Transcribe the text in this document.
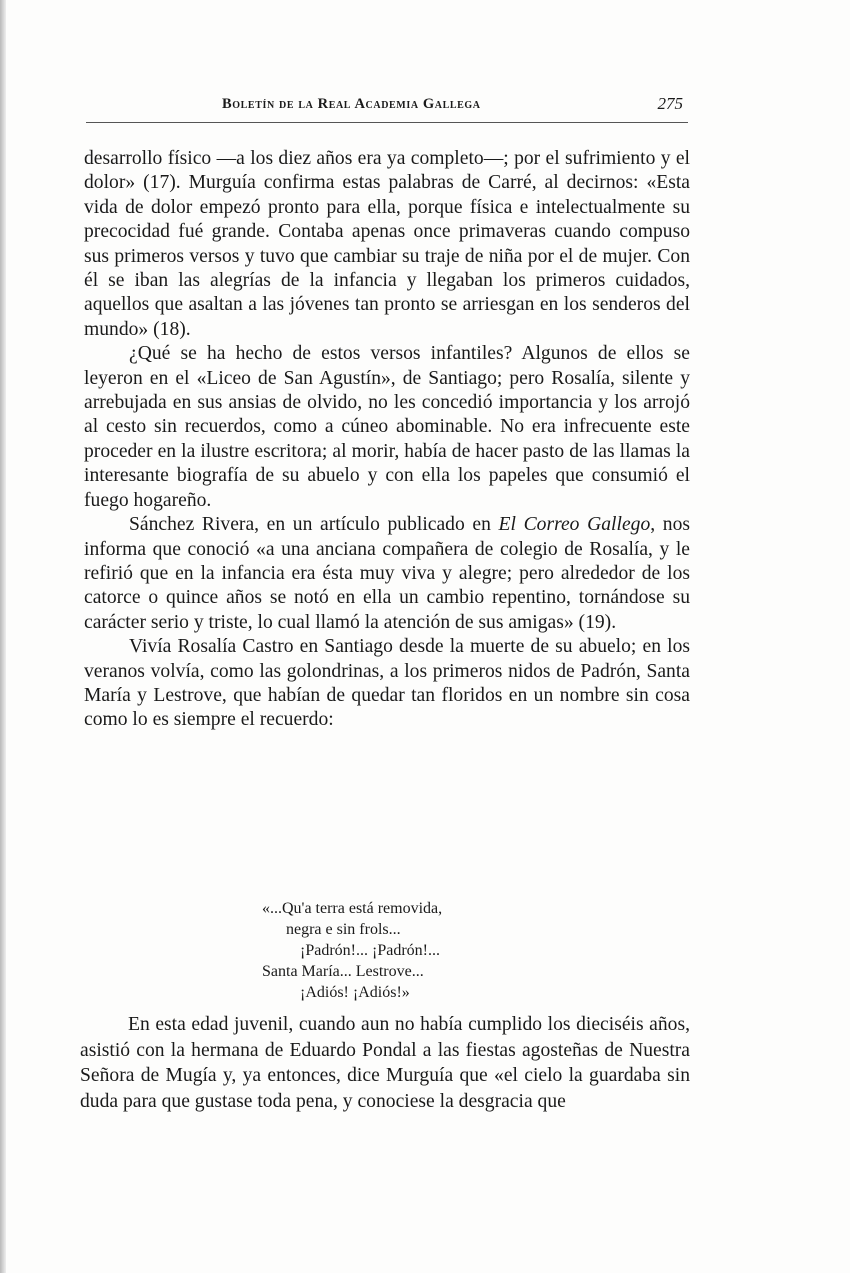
Boletín de la Real Academia Gallega	275

desarrollo físico —a los diez años era ya completo—; por el sufrimiento y el dolor» (17). Murguía confirma estas palabras de Carré, al decirnos: «Esta vida de dolor empezó pronto para ella, porque física e intelectualmente su precocidad fué grande. Contaba apenas once primaveras cuando compuso sus primeros versos y tuvo que cambiar su traje de niña por el de mujer. Con él se iban las alegrías de la infancia y llegaban los primeros cuidados, aquellos que asaltan a las jóvenes tan pronto se arriesgan en los senderos del mundo» (18).

¿Qué se ha hecho de estos versos infantiles? Algunos de ellos se leyeron en el «Liceo de San Agustín», de Santiago; pero Rosalía, silente y arrebujada en sus ansias de olvido, no les concedió importancia y los arrojó al cesto sin recuerdos, como a cúneo abominable. No era infrecuente este proceder en la ilustre escritora; al morir, había de hacer pasto de las llamas la interesante biografía de su abuelo y con ella los papeles que consumió el fuego hogareño.

Sánchez Rivera, en un artículo publicado en El Correo Gallego, nos informa que conoció «a una anciana compañera de colegio de Rosalía, y le refirió que en la infancia era ésta muy viva y alegre; pero alrededor de los catorce o quince años se notó en ella un cambio repentino, tornándose su carácter serio y triste, lo cual llamó la atención de sus amigas» (19).

Vivía Rosalía Castro en Santiago desde la muerte de su abuelo; en los veranos volvía, como las golondrinas, a los primeros nidos de Padrón, Santa María y Lestrove, que habían de quedar tan floridos en un nombre sin cosa como lo es siempre el recuerdo:

«...Qu'a terra está removida,
negra e sin frols...
¡Padrón!... ¡Padrón!...
Santa María... Lestrove...
¡Adiós! ¡Adiós!»

En esta edad juvenil, cuando aun no había cumplido los dieciséis años, asistió con la hermana de Eduardo Pondal a las fiestas agosteñas de Nuestra Señora de Mugía y, ya entonces, dice Murguía que «el cielo la guardaba sin duda para que gustase toda pena, y conociese la desgracia que
